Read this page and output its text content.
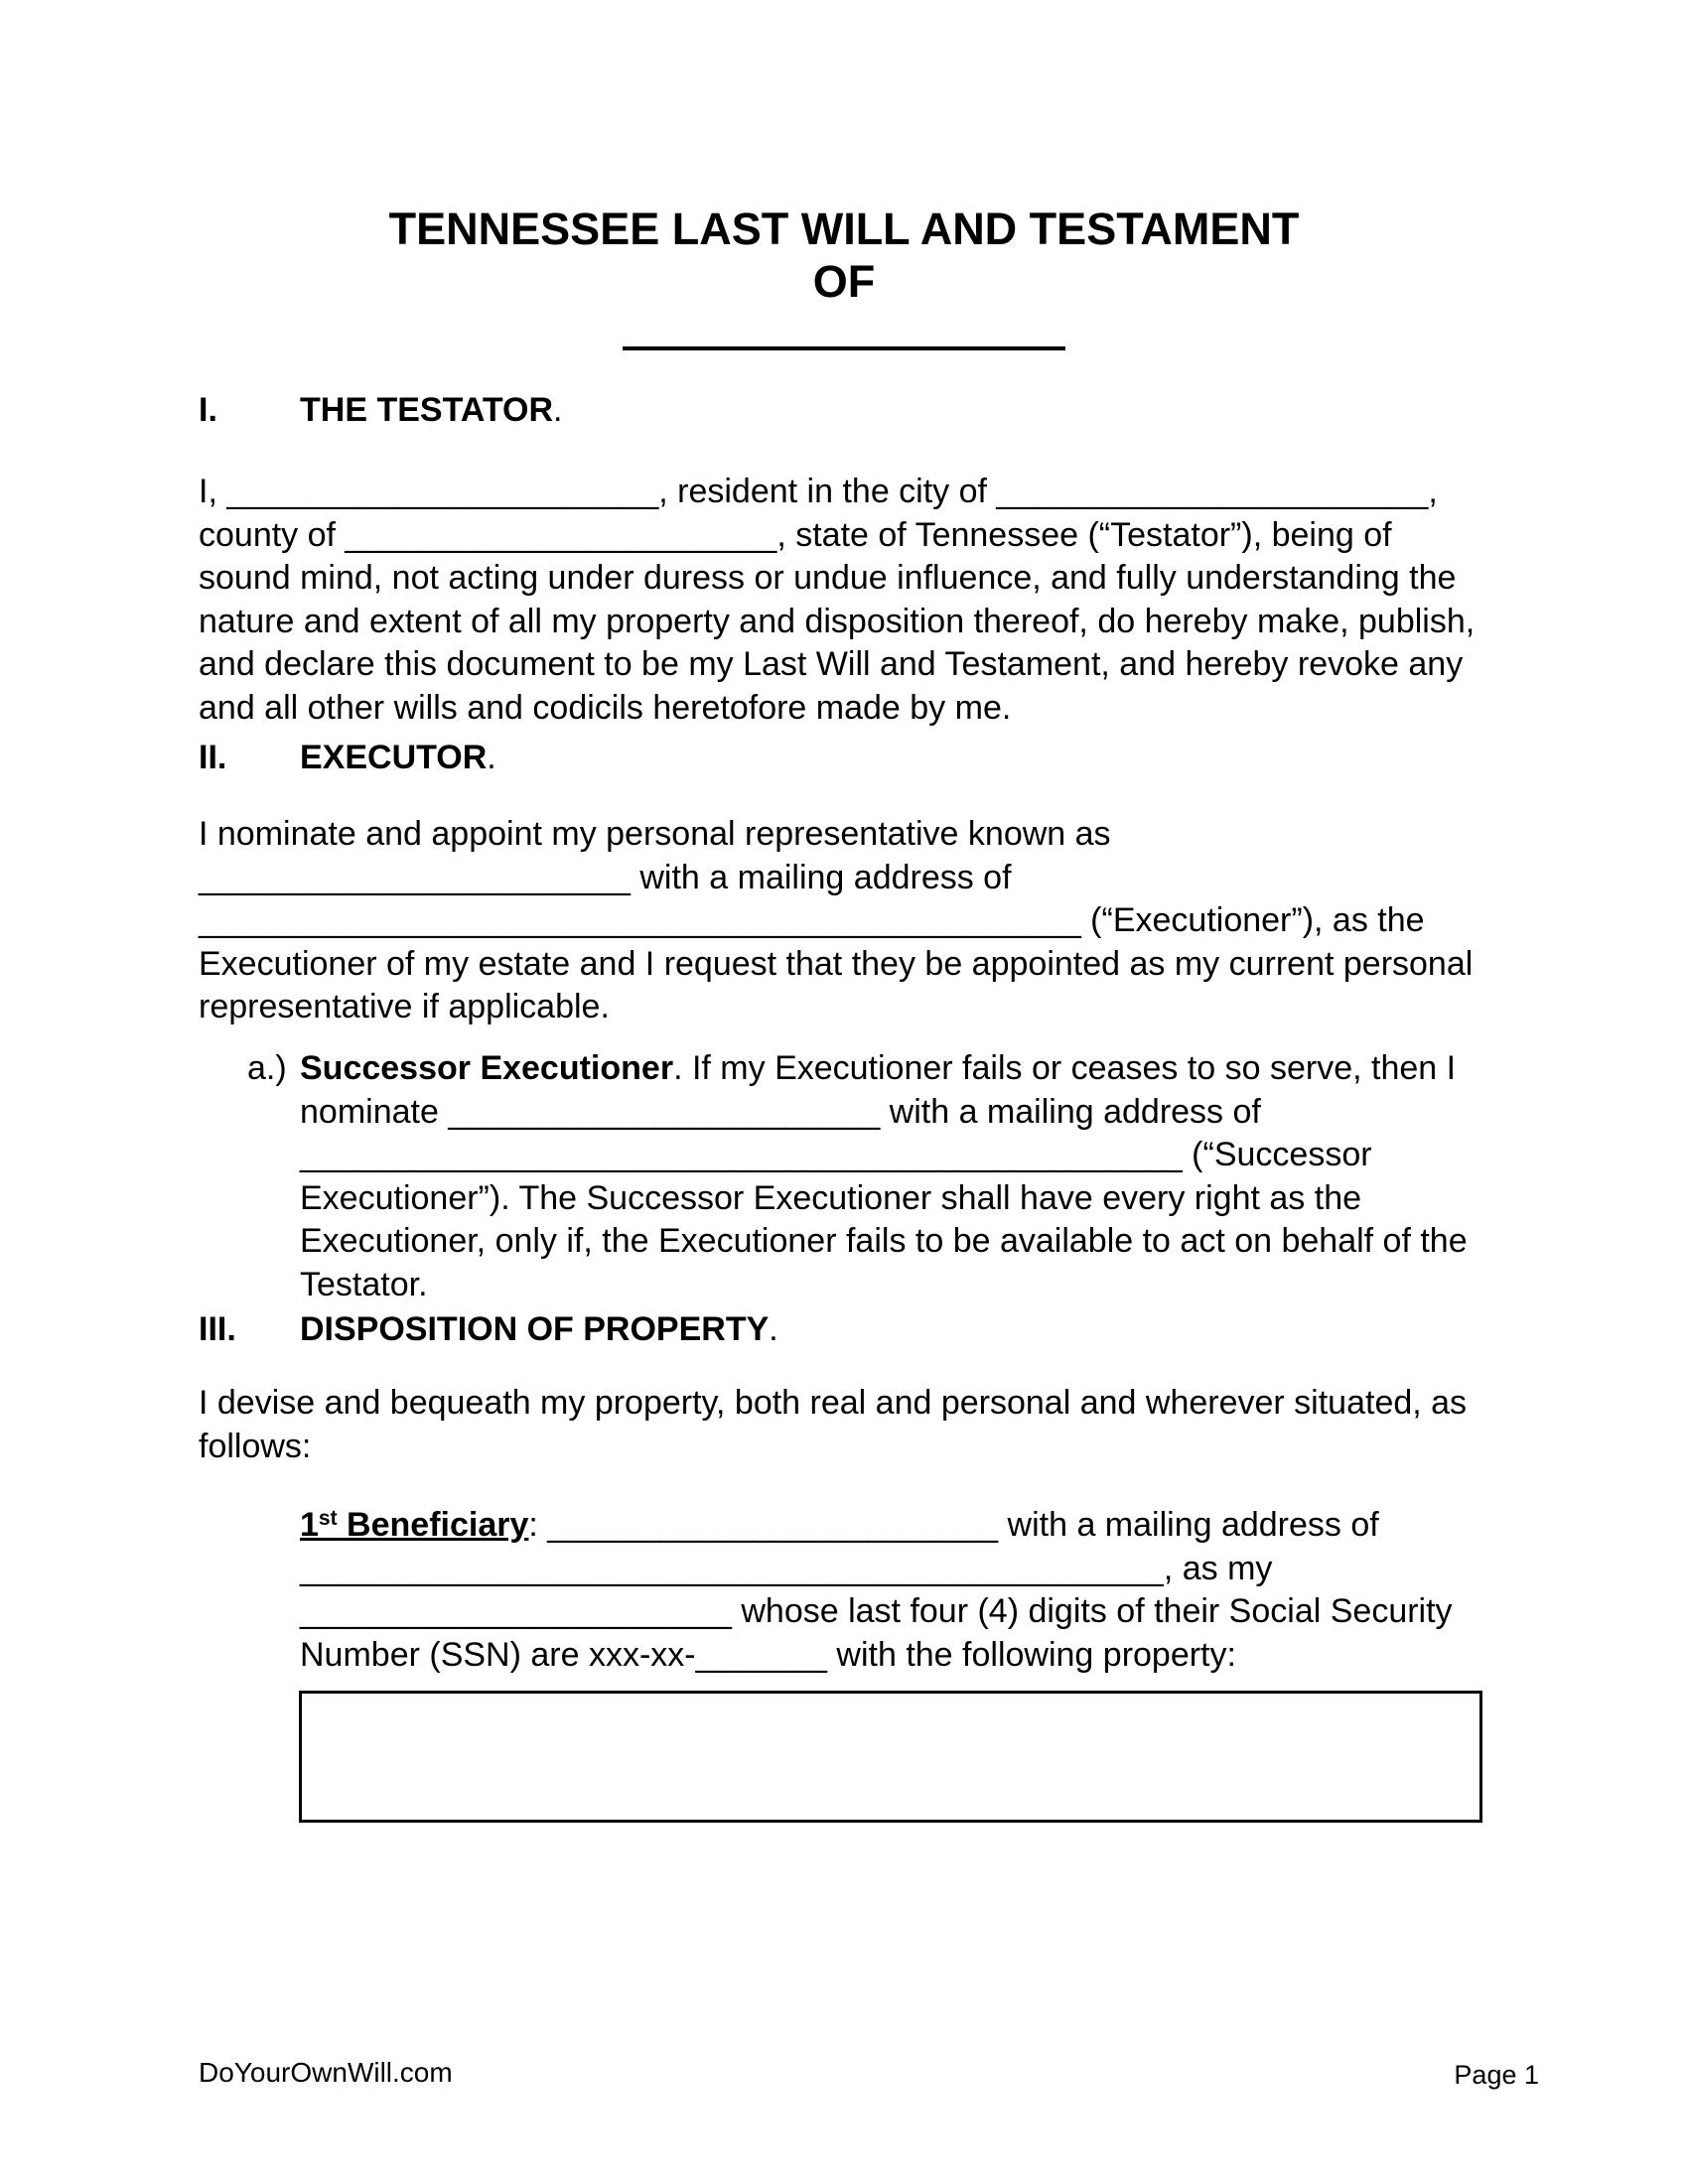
TENNESSEE LAST WILL AND TESTAMENT
OF
I. THE TESTATOR.
I, _______________________, resident in the city of _______________________,
county of _______________________, state of Tennessee (“Testator”), being of
sound mind, not acting under duress or undue influence, and fully understanding the
nature and extent of all my property and disposition thereof, do hereby make, publish,
and declare this document to be my Last Will and Testament, and hereby revoke any
and all other wills and codicils heretofore made by me.
II. EXECUTOR.
I nominate and appoint my personal representative known as
_______________________ with a mailing address of
_______________________________________________ (“Executioner”), as the
Executioner of my estate and I request that they be appointed as my current personal
representative if applicable.
a.) Successor Executioner. If my Executioner fails or ceases to so serve, then I
nominate _______________________ with a mailing address of
_______________________________________________ (“Successor
Executioner”). The Successor Executioner shall have every right as the
Executioner, only if, the Executioner fails to be available to act on behalf of the
Testator.
III. DISPOSITION OF PROPERTY.
I devise and bequeath my property, both real and personal and wherever situated, as
follows:
1st Beneficiary: ________________________ with a mailing address of
______________________________________________, as my
_______________________ whose last four (4) digits of their Social Security
Number (SSN) are xxx-xx-_______ with the following property:
DoYourOwnWill.com	Page 1
